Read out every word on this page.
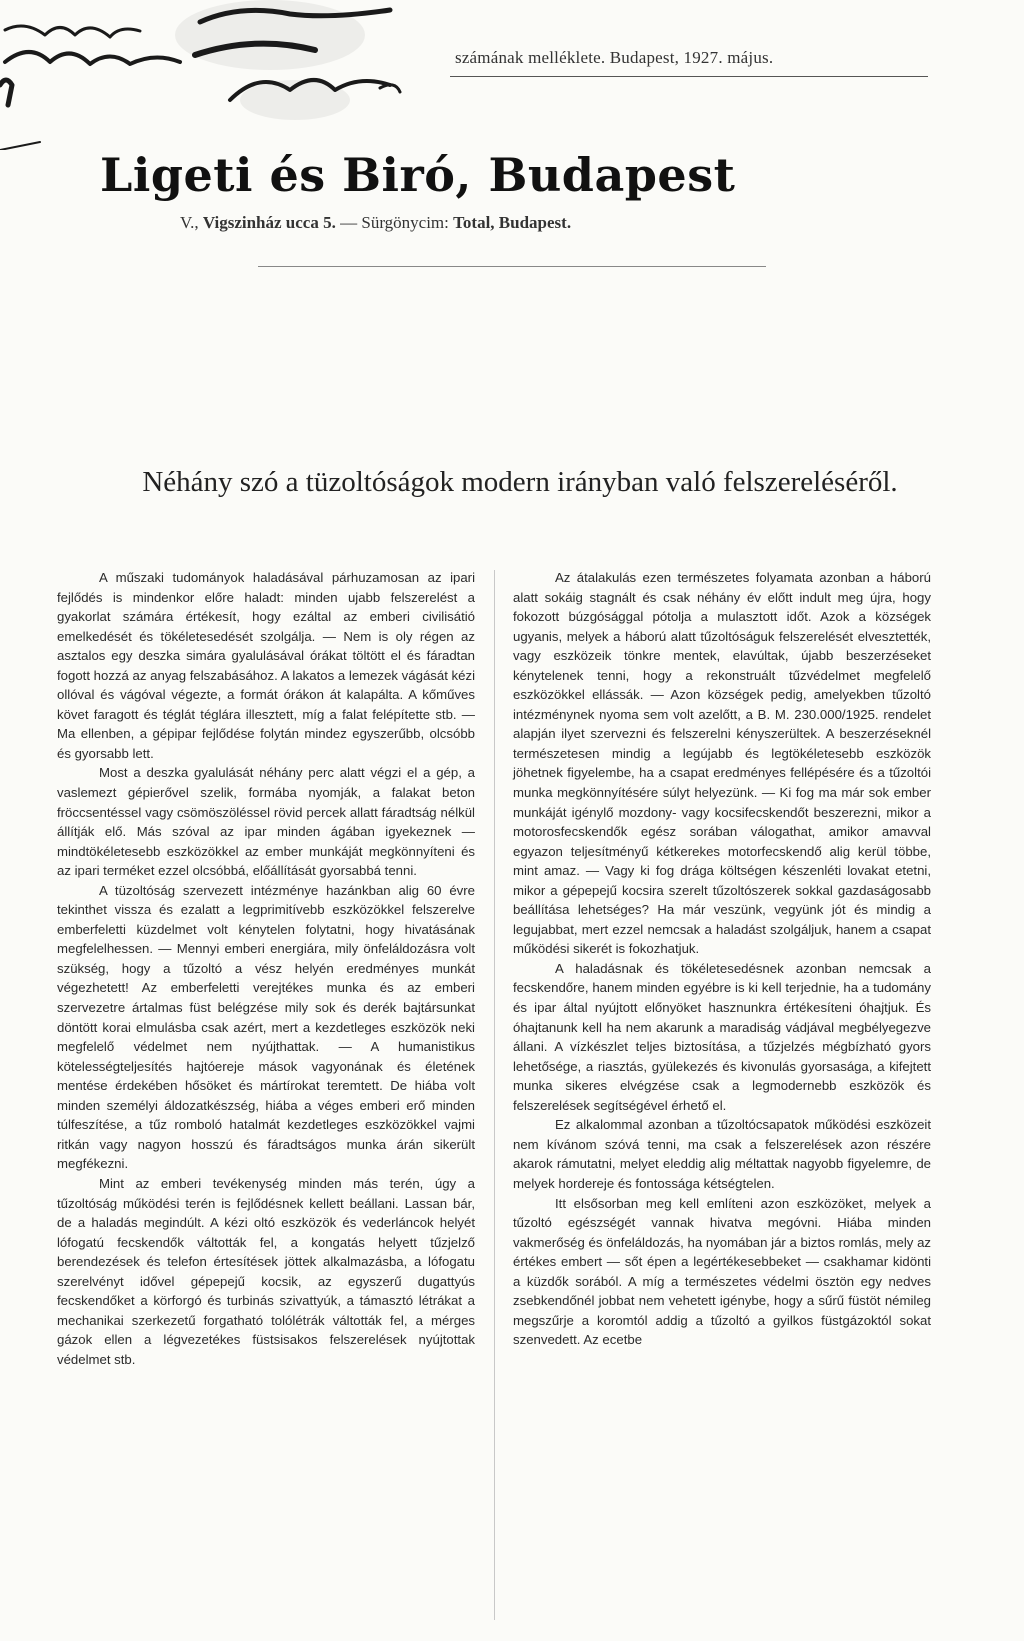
számának melléklete. Budapest, 1927. május.
Ligeti és Biró, Budapest
V., Vigszinház ucca 5. — Sürgönycim: Total, Budapest.
Néhány szó a tüzoltóságok modern irányban való felszereléséről.

A műszaki tudományok haladásával párhuzamosan az ipari fejlődés is mindenkor előre haladt: minden ujabb felszerelést a gyakorlat számára értékesít, hogy ezáltal az emberi civilisátió emelkedését és tökéletesedését szolgálja. — Nem is oly régen az asztalos egy deszka simára gyalulásával órákat töltött el és fáradtan fogott hozzá az anyag felszabásához. A lakatos a lemezek vágását kézi ollóval és vágóval végezte, a formát órákon át kalapálta. A kőműves követ faragott és téglát téglára illesztett, míg a falat felépítette stb. — Ma ellenben, a gépipar fejlődése folytán mindez egyszerűbb, olcsóbb és gyorsabb lett.

Most a deszka gyalulását néhány perc alatt végzi el a gép, a vaslemezt gépierővel szelik, formába nyomják, a falakat beton fröccsentéssel vagy csömöszöléssel rövid percek allatt fáradtság nélkül állítják elő. Más szóval az ipar minden ágában igyekeznek — mindtökéletesebb eszközökkel az ember munkáját megkönnyíteni és az ipari terméket ezzel olcsóbbá, előállítását gyorsabbá tenni.

A tüzoltóság szervezett intézménye hazánkban alig 60 évre tekinthet vissza és ezalatt a legprimitívebb eszközökkel felszerelve emberfeletti küzdelmet volt kénytelen folytatni, hogy hivatásának megfelelhessen. — Mennyi emberi energiára, mily önfeláldozásra volt szükség, hogy a tűzoltó a vész helyén eredményes munkát végezhetett! Az emberfeletti verejtékes munka és az emberi szervezetre ártalmas füst belégzése mily sok és derék bajtársunkat döntött korai elmulásba csak azért, mert a kezdetleges eszközök neki megfelelő védelmet nem nyújthattak. — A humanistikus kötelességteljesítés hajtóereje mások vagyonának és életének mentése érdekében hősöket és mártírokat teremtett. De hiába volt minden személyi áldozatkészség, hiába a véges emberi erő minden túlfeszítése, a tűz romboló hatalmát kezdetleges eszközökkel vajmi ritkán vagy nagyon hosszú és fáradtságos munka árán sikerült megfékezni.

Mint az emberi tevékenység minden más terén, úgy a tűzoltóság működési terén is fejlődésnek kellett beállani. Lassan bár, de a haladás megindúlt. A kézi oltó eszközök és vederláncok helyét lófogatú fecskendők váltották fel, a kongatás helyett tűzjelző berendezések és telefon értesítések jöttek alkalmazásba, a lófogatu szerelvényt idővel gépерejű kocsik, az egyszerű dugattyús fecskendőket a körforgó és turbinás szivattyúk, a támasztó létrákat a mechanikai szerkezetű forgatható tolólétrák váltották fel, a mérges gázok ellen a légvezetékes füstsisakos felszerelések nyújtottak védelmet stb.

Az átalakulás ezen természetes folyamata azonban a háború alatt sokáig stagnált és csak néhány év előtt indult meg újra, hogy fokozott búzgósággal pótolja a mulasztott időt. Azok a községek ugyanis, melyek a háború alatt tűzoltóságuk felszerelését elvesztették, vagy eszközeik tönkre mentek, elavúltak, újabb beszerzéseket kénytelenek tenni, hogy a rekonstruált tűzvédelmet megfelelő eszközökkel ellássák. — Azon községek pedig, amelyekben tűzoltó intézménynek nyoma sem volt azelőtt, a B. M. 230.000/1925. rendelet alapján ilyet szervezni és felszerelni kényszerültek. A beszerzéseknél természetesen mindig a legújabb és legtökéletesebb eszközök jöhetnek figyelembe, ha a csapat eredményes fellépésére és a tűzoltói munka megkönnyítésére súlyt helyezünk. — Ki fog ma már sok ember munkáját igénylő mozdony- vagy kocsifecskendőt beszerezni, mikor a motorosfecskendők egész sorában válogathat, amikor amavval egyazon teljesítményű kétkerekes motorfecskendő alig kerül többe, mint amaz. — Vagy ki fog drága költségen készenléti lovakat etetni, mikor a gépерejű kocsira szerelt tűzoltószerek sokkal gazdaságosabb beállítása lehetséges? Ha már veszünk, vegyünk jót és mindig a legujabbat, mert ezzel nemcsak a haladást szolgáljuk, hanem a csapat működési sikerét is fokozhatjuk.

A haladásnak és tökéletesedésnek azonban nemcsak a fecskendőre, hanem minden egyébre is ki kell terjednie, ha a tudomány és ipar által nyújtott előnyöket hasznunkra értékesíteni óhajtjuk. És óhajtanunk kell ha nem akarunk a maradiság vádjával megbélyegezve állani. A vízkészlet teljes biztosítása, a tűzjelzés mégbízható gyors lehetősége, a riasztás, gyülekezés és kivonulás gyorsasága, a kifejtett munka sikeres elvégzése csak a legmodernebb eszközök és felszerelések segítségével érhető el.

Ez alkalommal azonban a tűzoltócsapatok működési eszközeit nem kívánom szóvá tenni, ma csak a felszerelések azon részére akarok rámutatni, melyet eleddig alig méltattak nagyobb figyelemre, de melyek hordereje és fontossága kétségtelen.

Itt elsősorban meg kell említeni azon eszközöket, melyek a tűzoltó egészségét vannak hivatva megóvni. Hiába minden vakmerőség és önfeláldozás, ha nyomában jár a biztos romlás, mely az értékes embert — sőt épen a legértékesebbeket — csakhamar kidönti a küzdők sorából. A míg a természetes védelmi ösztön egy nedves zsebkendőnél jobbat nem vehetett igénybe, hogy a sűrű füstöt némileg megszűrje a koromtól addig a tűzoltó a gyilkos füstgázoktól sokat szenvedett. Az ecetbe
